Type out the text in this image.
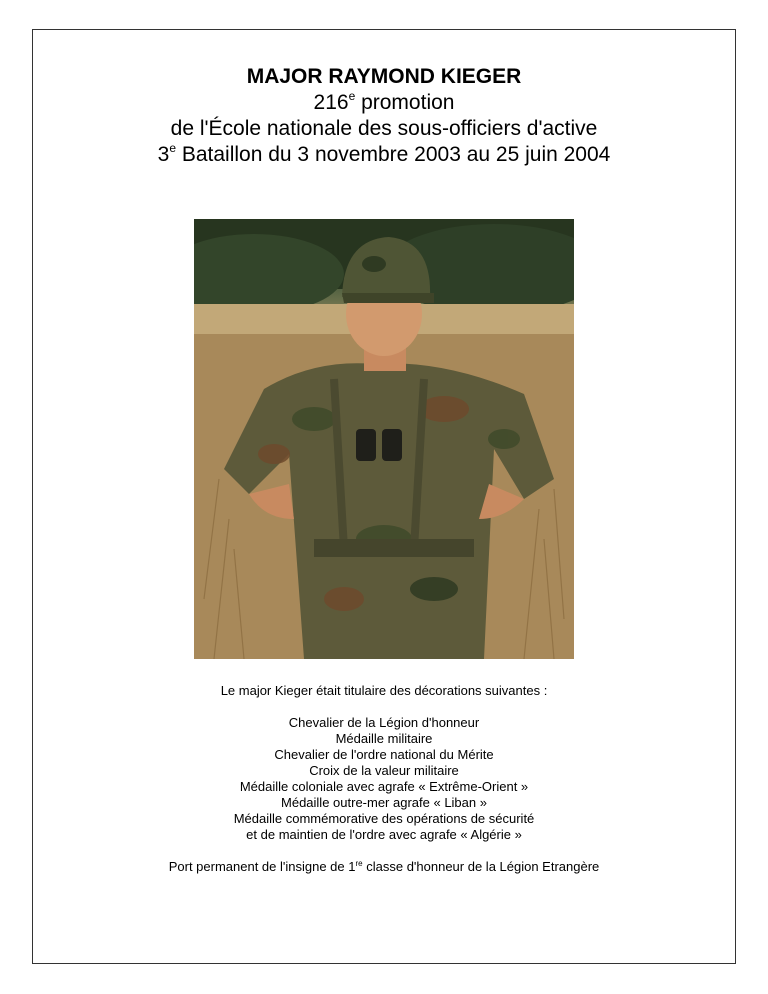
MAJOR RAYMOND KIEGER

216e promotion

de l'École nationale des sous-officiers d'active

3e Bataillon du 3 novembre 2003 au 25 juin 2004

Le major Kieger était titulaire des décorations suivantes :

Chevalier de la Légion d'honneur

Médaille militaire

Chevalier de l'ordre national du Mérite

Croix de la valeur militaire

Médaille coloniale avec agrafe « Extrême-Orient »

Médaille outre-mer agrafe « Liban »

Médaille commémorative des opérations de sécurité

et de maintien de l'ordre avec agrafe « Algérie »

Port permanent de l'insigne de 1re classe d'honneur de la Légion Etrangère
